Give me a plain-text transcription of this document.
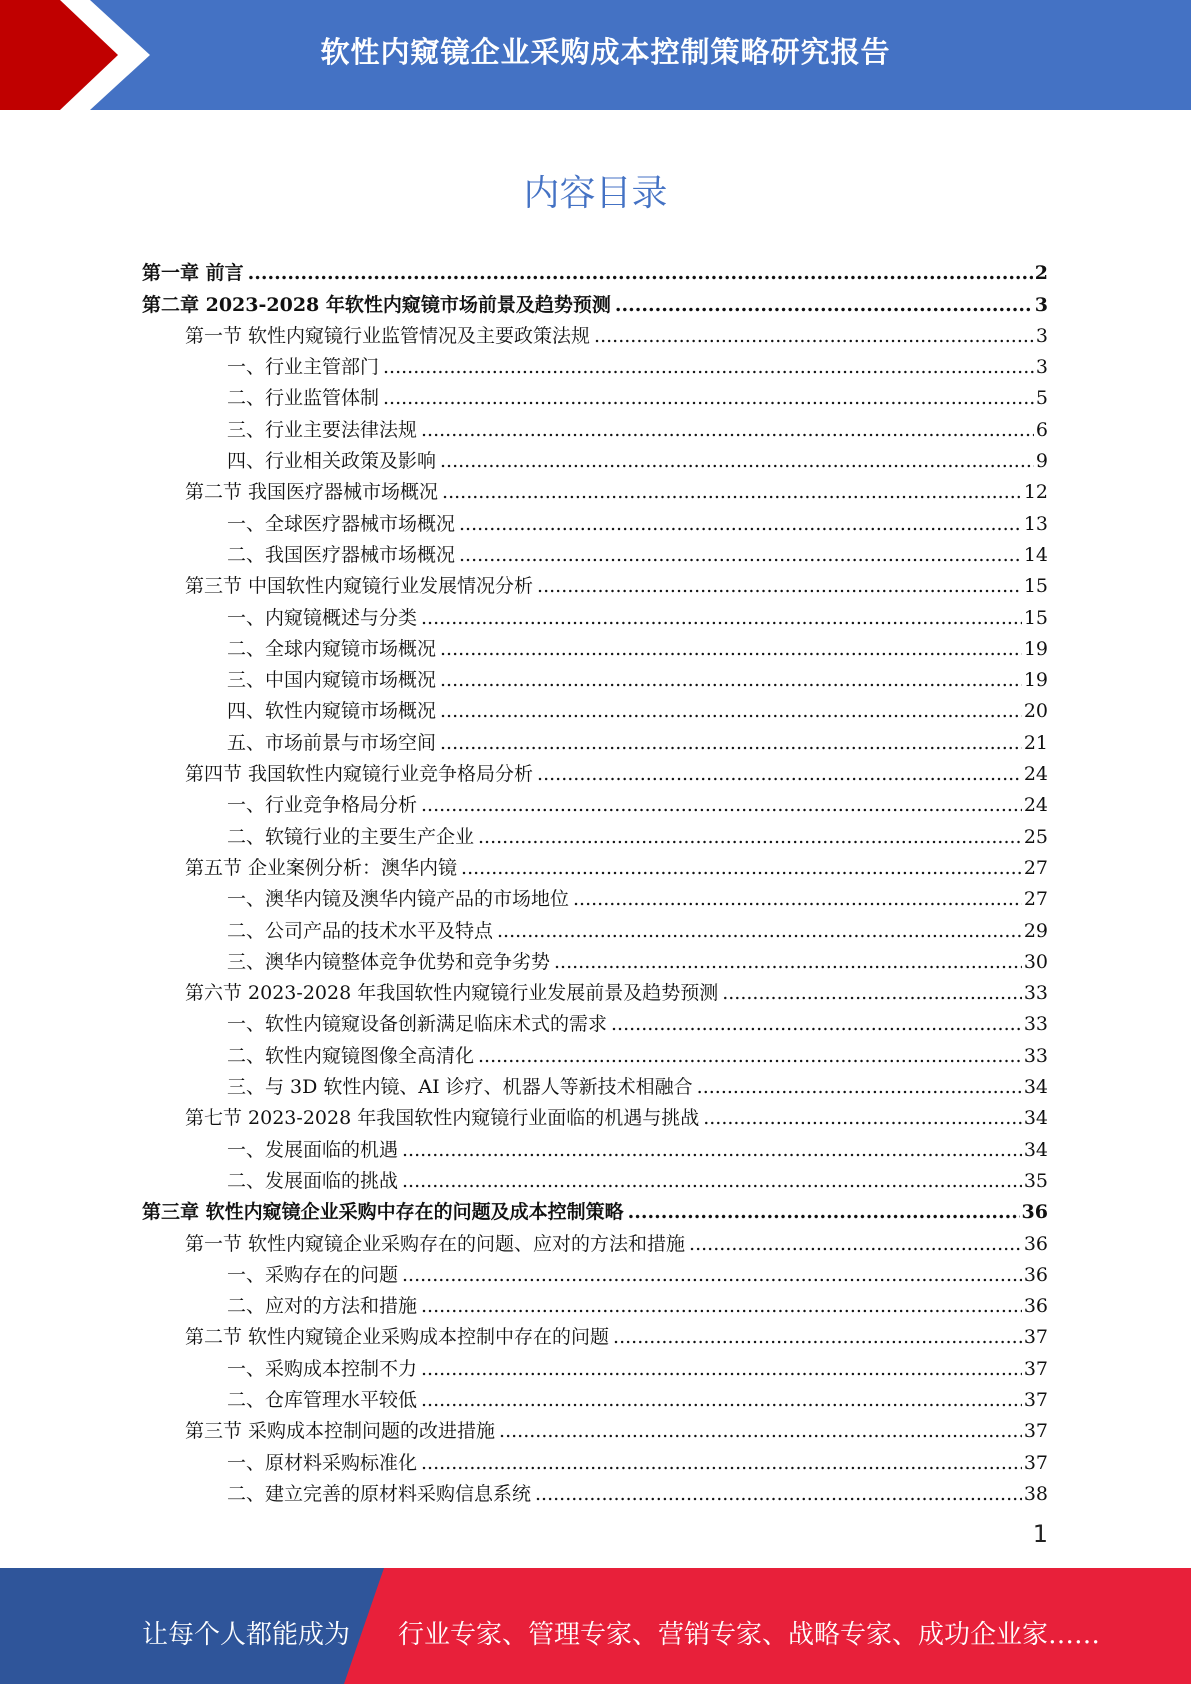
软性内窥镜企业采购成本控制策略研究报告
内容目录
第一章 前言 .....	2
第二章 2023-2028 年软性内窥镜市场前景及趋势预测 .....	3
第一节 软性内窥镜行业监管情况及主要政策法规 .....	3
一、行业主管部门 .....	3
二、行业监管体制 .....	5
三、行业主要法律法规 .....	6
四、行业相关政策及影响 .....	9
第二节 我国医疗器械市场概况 .....	12
一、全球医疗器械市场概况 .....	13
二、我国医疗器械市场概况 .....	14
第三节 中国软性内窥镜行业发展情况分析 .....	15
一、内窥镜概述与分类 .....	15
二、全球内窥镜市场概况 .....	19
三、中国内窥镜市场概况 .....	19
四、软性内窥镜市场概况 .....	20
五、市场前景与市场空间 .....	21
第四节 我国软性内窥镜行业竞争格局分析 .....	24
一、行业竞争格局分析 .....	24
二、软镜行业的主要生产企业 .....	25
第五节 企业案例分析：澳华内镜 .....	27
一、澳华内镜及澳华内镜产品的市场地位 .....	27
二、公司产品的技术水平及特点 .....	29
三、澳华内镜整体竞争优势和竞争劣势 .....	30
第六节 2023-2028 年我国软性内窥镜行业发展前景及趋势预测 .....	33
一、软性内镜窥设备创新满足临床术式的需求 .....	33
二、软性内窥镜图像全高清化 .....	33
三、与 3D 软性内镜、AI 诊疗、机器人等新技术相融合 .....	34
第七节 2023-2028 年我国软性内窥镜行业面临的机遇与挑战 .....	34
一、发展面临的机遇 .....	34
二、发展面临的挑战 .....	35
第三章 软性内窥镜企业采购中存在的问题及成本控制策略 .....	36
第一节 软性内窥镜企业采购存在的问题、应对的方法和措施 .....	36
一、采购存在的问题 .....	36
二、应对的方法和措施 .....	36
第二节 软性内窥镜企业采购成本控制中存在的问题 .....	37
一、采购成本控制不力 .....	37
二、仓库管理水平较低 .....	37
第三节 采购成本控制问题的改进措施 .....	37
一、原材料采购标准化 .....	37
二、建立完善的原材料采购信息系统 .....	38
1
让每个人都能成为 行业专家、管理专家、营销专家、战略专家、成功企业家……
